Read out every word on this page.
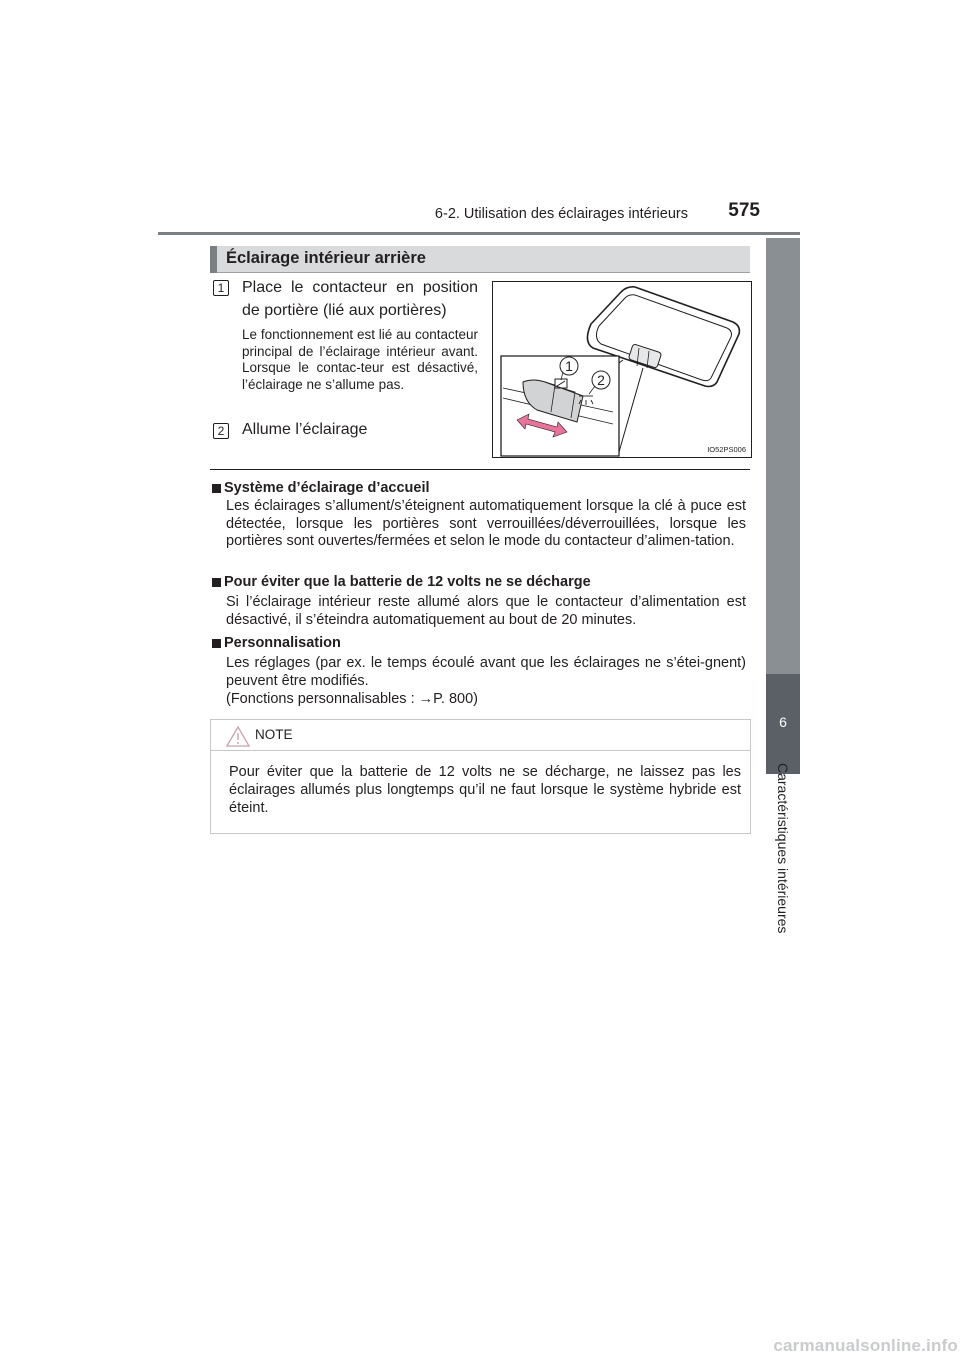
6-2. Utilisation des éclairages intérieurs	575
6
Caractéristiques intérieures
Éclairage intérieur arrière
1 Place le contacteur en position de portière (lié aux portières)
Le fonctionnement est lié au contacteur principal de l’éclairage intérieur avant. Lorsque le contac-teur est désactivé, l’éclairage ne s’allume pas.
2 Allume l’éclairage
1
2
IO52PS006
Système d’éclairage d’accueil
Les éclairages s’allument/s’éteignent automatiquement lorsque la clé à puce est détectée, lorsque les portières sont verrouillées/déverrouillées, lorsque les portières sont ouvertes/fermées et selon le mode du contacteur d’alimen-tation.
Pour éviter que la batterie de 12 volts ne se décharge
Si l’éclairage intérieur reste allumé alors que le contacteur d’alimentation est désactivé, il s’éteindra automatiquement au bout de 20 minutes.
Personnalisation
Les réglages (par ex. le temps écoulé avant que les éclairages ne s’étei-gnent) peuvent être modifiés.
(Fonctions personnalisables : →P. 800)
NOTE
Pour éviter que la batterie de 12 volts ne se décharge, ne laissez pas les éclairages allumés plus longtemps qu’il ne faut lorsque le système hybride est éteint.
carmanualsonline.info
